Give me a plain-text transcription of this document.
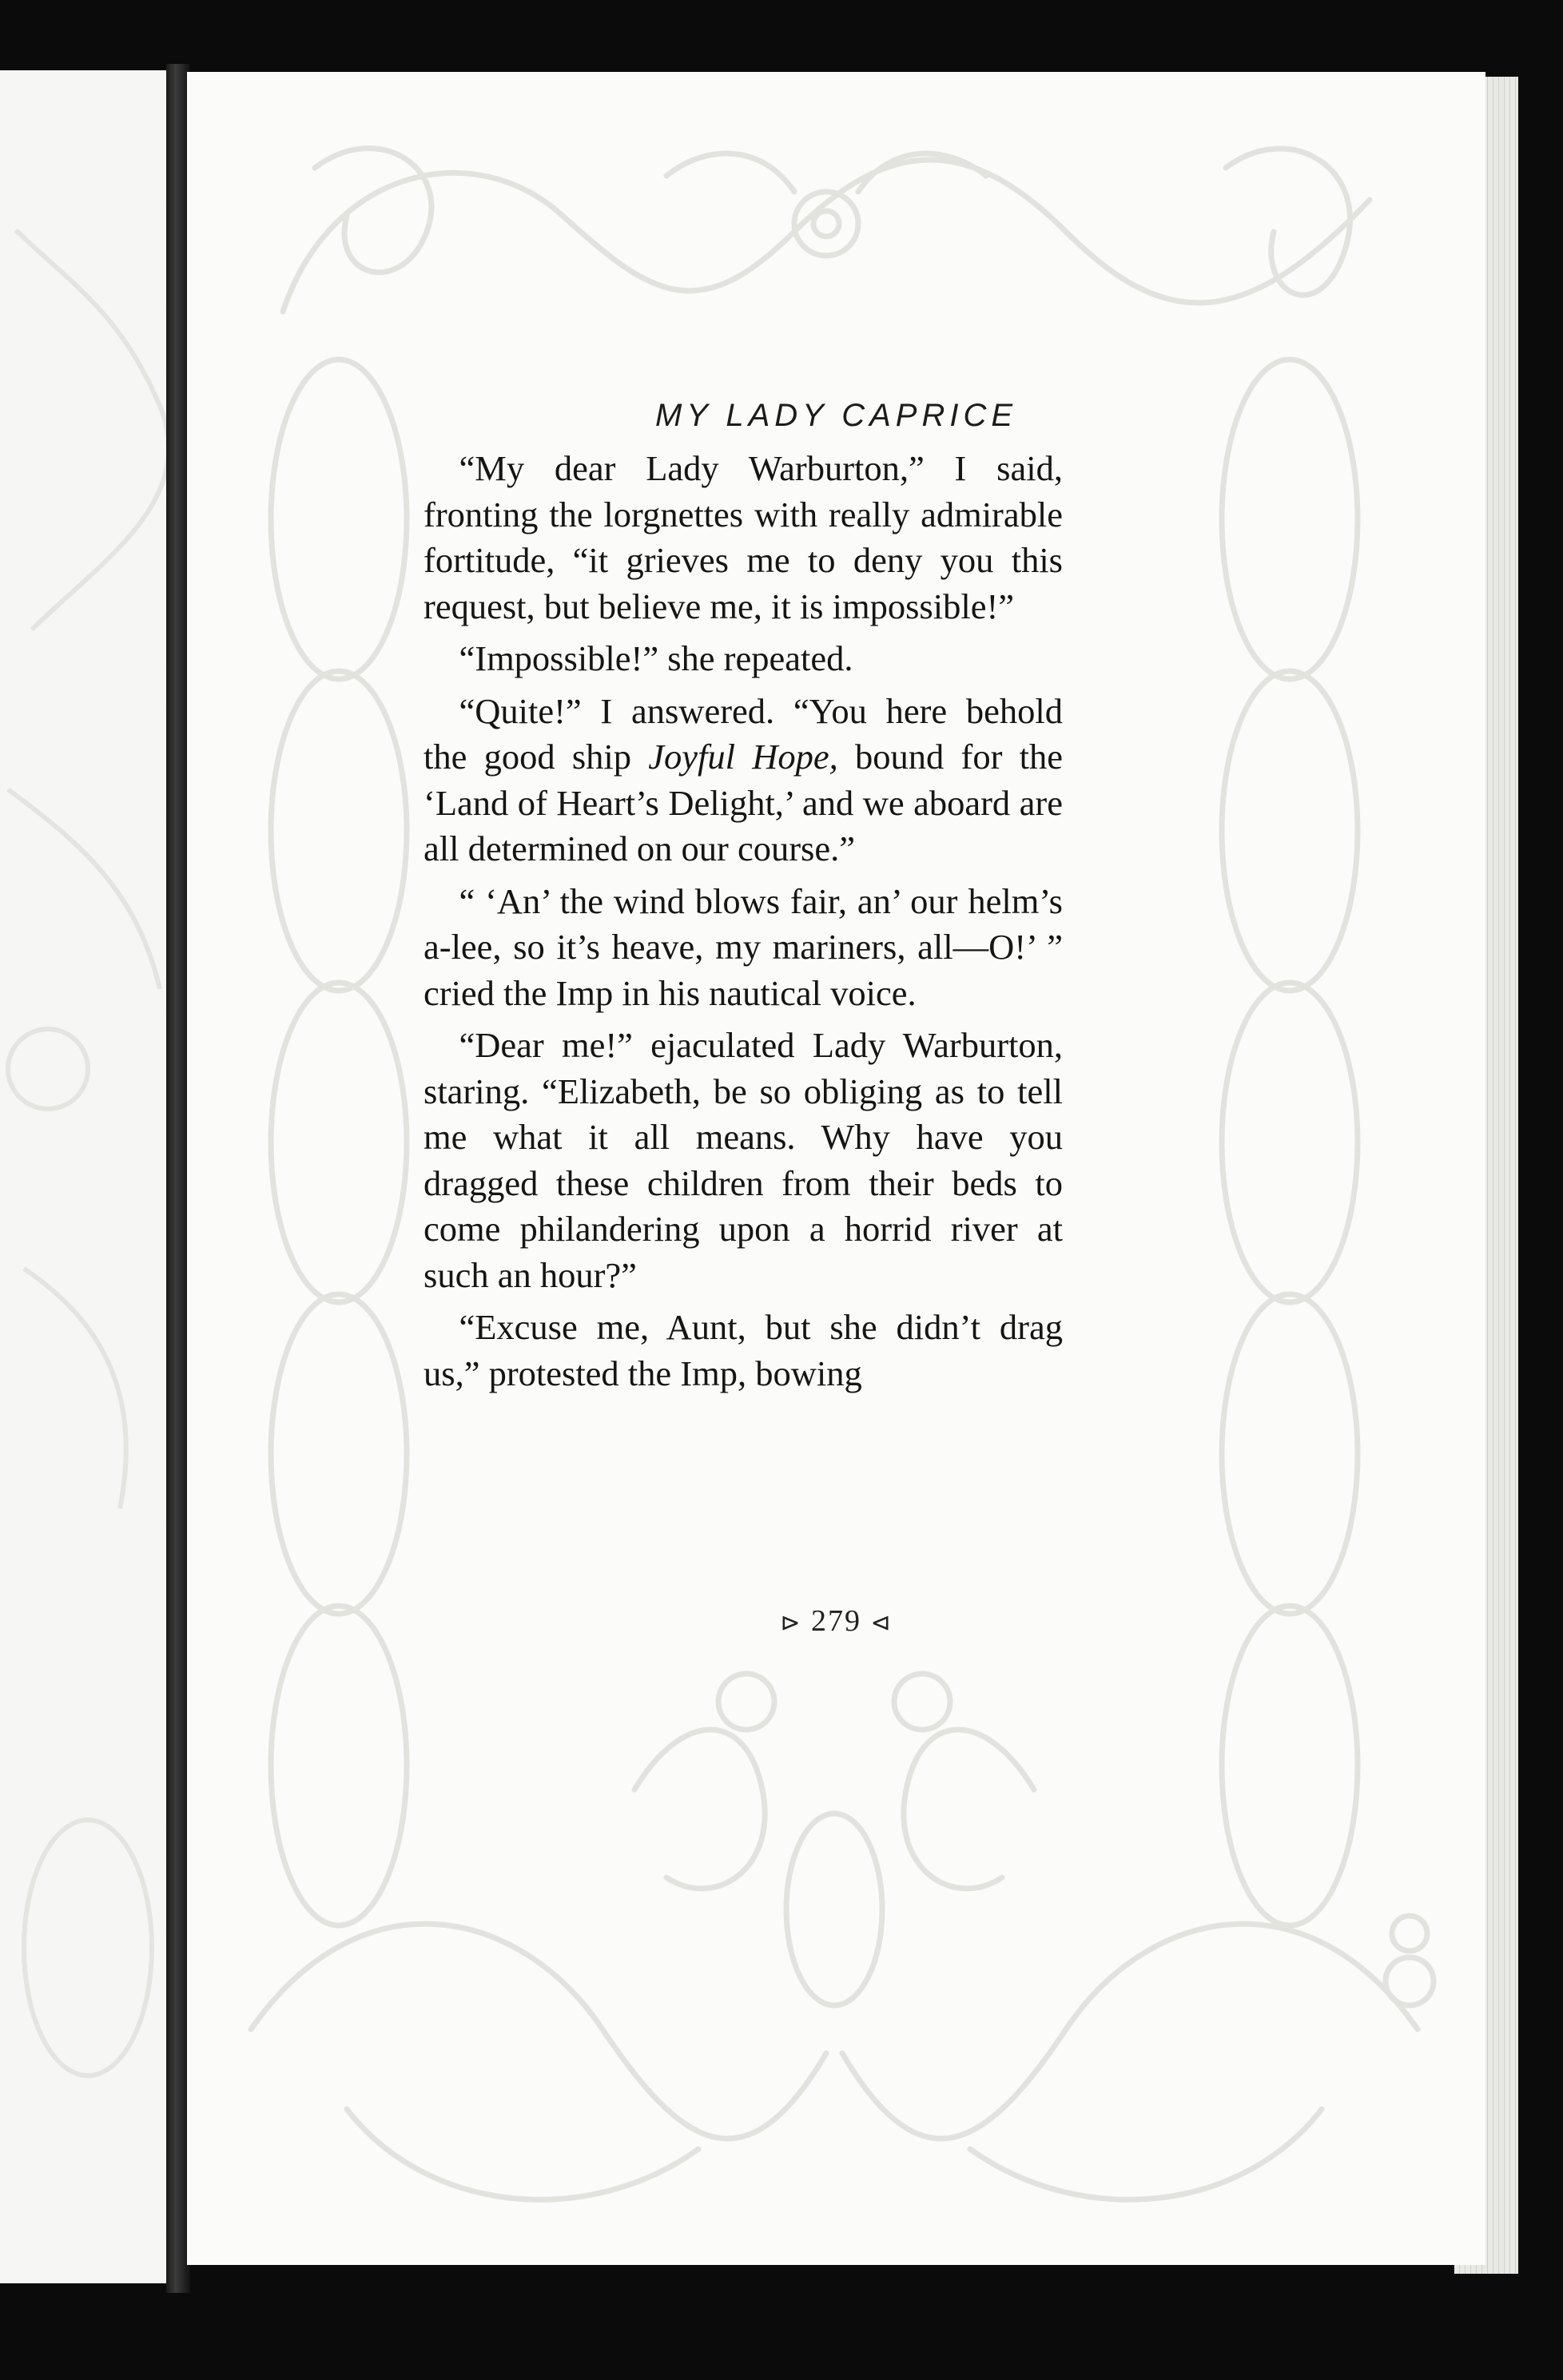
MY LADY CAPRICE

“My dear Lady Warburton,” I said, fronting the lorgnettes with really admirable fortitude, “it grieves me to deny you this request, but believe me, it is impossible!”

“Impossible!” she repeated.

“Quite!” I answered. “You here behold the good ship Joyful Hope, bound for the ‘Land of Heart’s Delight,’ and we aboard are all determined on our course.”

“ ‘An’ the wind blows fair, an’ our helm’s a-lee, so it’s heave, my mariners, all—O!’ ” cried the Imp in his nautical voice.

“Dear me!” ejaculated Lady Warburton, staring. “Elizabeth, be so obliging as to tell me what it all means. Why have you dragged these children from their beds to come philandering upon a horrid river at such an hour?”

“Excuse me, Aunt, but she didn’t drag us,” protested the Imp, bowing

⊳ 279 ⊲
